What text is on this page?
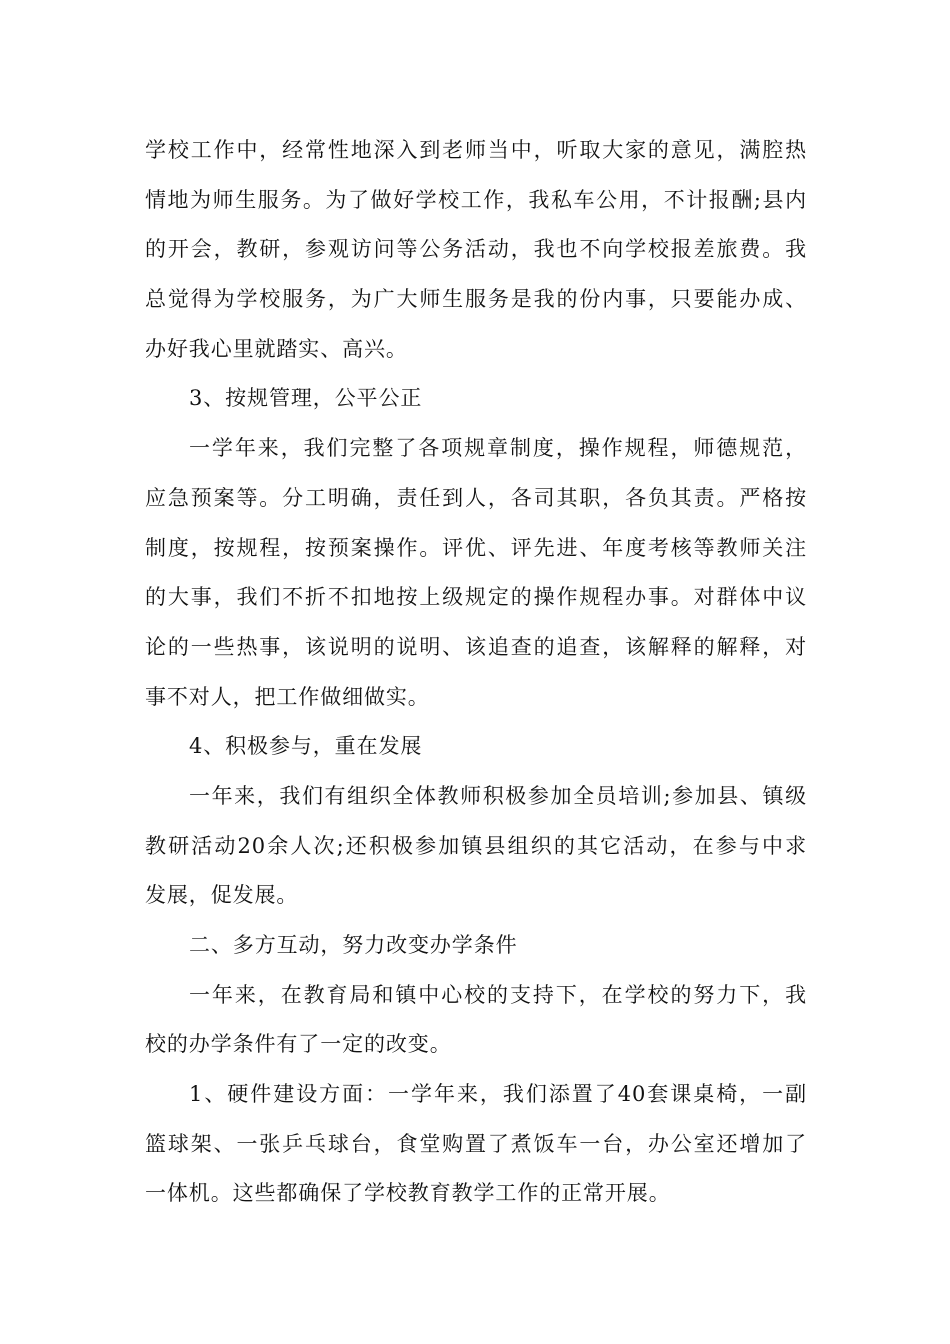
学校工作中，经常性地深入到老师当中，听取大家的意见，满腔热
情地为师生服务。为了做好学校工作，我私车公用，不计报酬;县内
的开会，教研，参观访问等公务活动，我也不向学校报差旅费。我
总觉得为学校服务，为广大师生服务是我的份内事，只要能办成、
办好我心里就踏实、高兴。
3、按规管理，公平公正
一学年来，我们完整了各项规章制度，操作规程，师德规范，
应急预案等。分工明确，责任到人，各司其职，各负其责。严格按
制度，按规程，按预案操作。评优、评先进、年度考核等教师关注
的大事，我们不折不扣地按上级规定的操作规程办事。对群体中议
论的一些热事，该说明的说明、该追查的追查，该解释的解释，对
事不对人，把工作做细做实。
4、积极参与，重在发展
一年来，我们有组织全体教师积极参加全员培训;参加县、镇级
教研活动20余人次;还积极参加镇县组织的其它活动，在参与中求
发展，促发展。
二、多方互动，努力改变办学条件
一年来，在教育局和镇中心校的支持下，在学校的努力下，我
校的办学条件有了一定的改变。
1、硬件建设方面：一学年来，我们添置了40套课桌椅，一副
篮球架、一张乒乓球台，食堂购置了煮饭车一台，办公室还增加了
一体机。这些都确保了学校教育教学工作的正常开展。
